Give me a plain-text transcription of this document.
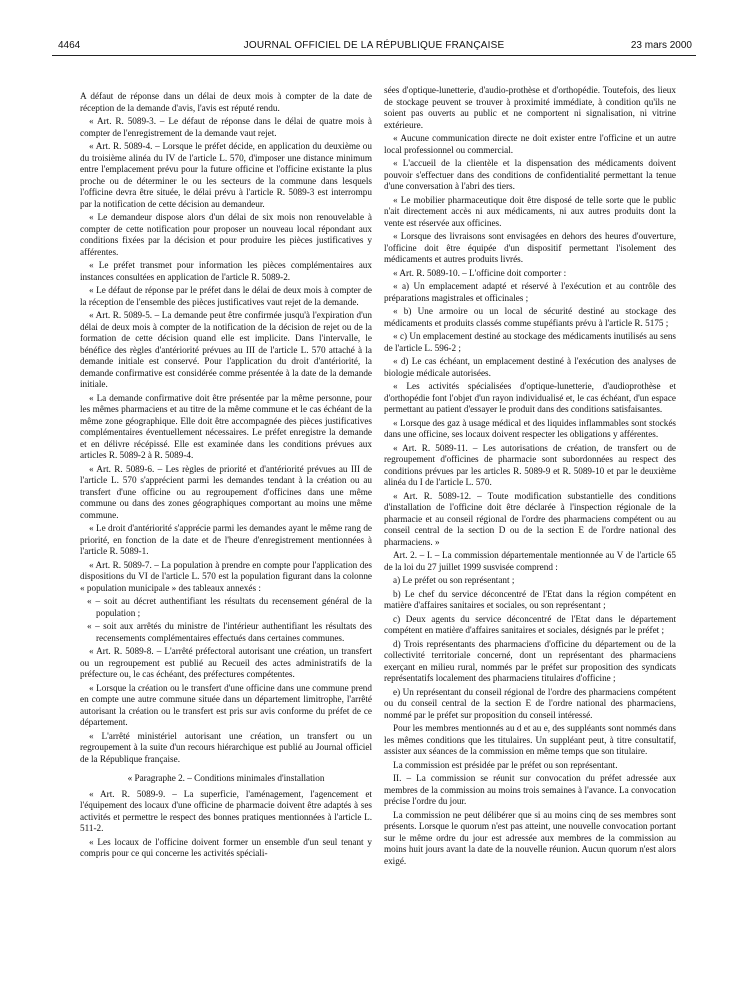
4464	JOURNAL OFFICIEL DE LA RÉPUBLIQUE FRANÇAISE	23 mars 2000

A défaut de réponse dans un délai de deux mois à compter de la date de réception de la demande d'avis, l'avis est réputé rendu.

« Art. R. 5089-3. – Le défaut de réponse dans le délai de quatre mois à compter de l'enregistrement de la demande vaut rejet.

« Art. R. 5089-4. – Lorsque le préfet décide, en application du deuxième ou du troisième alinéa du IV de l'article L. 570, d'imposer une distance minimum entre l'emplacement prévu pour la future officine et l'officine existante la plus proche ou de déterminer le ou les secteurs de la commune dans lesquels l'officine devra être située, le délai prévu à l'article R. 5089-3 est interrompu par la notification de cette décision au demandeur.

« Le demandeur dispose alors d'un délai de six mois non renouvelable à compter de cette notification pour proposer un nouveau local répondant aux conditions fixées par la décision et pour produire les pièces justificatives y afférentes.

« Le préfet transmet pour information les pièces complémentaires aux instances consultées en application de l'article R. 5089-2.

« Le défaut de réponse par le préfet dans le délai de deux mois à compter de la réception de l'ensemble des pièces justificatives vaut rejet de la demande.

« Art. R. 5089-5. – La demande peut être confirmée jusqu'à l'expiration d'un délai de deux mois à compter de la notification de la décision de rejet ou de la formation de cette décision quand elle est implicite. Dans l'intervalle, le bénéfice des règles d'antériorité prévues au III de l'article L. 570 attaché à la demande initiale est conservé. Pour l'application du droit d'antériorité, la demande confirmative est considérée comme présentée à la date de la demande initiale.

« La demande confirmative doit être présentée par la même personne, pour les mêmes pharmaciens et au titre de la même commune et le cas échéant de la même zone géographique. Elle doit être accompagnée des pièces justificatives complémentaires éventuellement nécessaires. Le préfet enregistre la demande et en délivre récépissé. Elle est examinée dans les conditions prévues aux articles R. 5089-2 à R. 5089-4.

« Art. R. 5089-6. – Les règles de priorité et d'antériorité prévues au III de l'article L. 570 s'apprécient parmi les demandes tendant à la création ou au transfert d'une officine ou au regroupement d'officines dans une même commune ou dans des zones géographiques comportant au moins une même commune.

« Le droit d'antériorité s'apprécie parmi les demandes ayant le même rang de priorité, en fonction de la date et de l'heure d'enregistrement mentionnées à l'article R. 5089-1.

« Art. R. 5089-7. – La population à prendre en compte pour l'application des dispositions du VI de l'article L. 570 est la population figurant dans la colonne « population municipale » des tableaux annexés :

« – soit au décret authentifiant les résultats du recensement général de la population ;

« – soit aux arrêtés du ministre de l'intérieur authentifiant les résultats des recensements complémentaires effectués dans certaines communes.

« Art. R. 5089-8. – L'arrêté préfectoral autorisant une création, un transfert ou un regroupement est publié au Recueil des actes administratifs de la préfecture ou, le cas échéant, des préfectures compétentes.

« Lorsque la création ou le transfert d'une officine dans une commune prend en compte une autre commune située dans un département limitrophe, l'arrêté autorisant la création ou le transfert est pris sur avis conforme du préfet de ce département.

« L'arrêté ministériel autorisant une création, un transfert ou un regroupement à la suite d'un recours hiérarchique est publié au Journal officiel de la République française.

« Paragraphe 2. – Conditions minimales d'installation

« Art. R. 5089-9. – La superficie, l'aménagement, l'agencement et l'équipement des locaux d'une officine de pharmacie doivent être adaptés à ses activités et permettre le respect des bonnes pratiques mentionnées à l'article L. 511-2.

« Les locaux de l'officine doivent former un ensemble d'un seul tenant y compris pour ce qui concerne les activités spéciali-

sées d'optique-lunetterie, d'audio-prothèse et d'orthopédie. Toutefois, des lieux de stockage peuvent se trouver à proximité immédiate, à condition qu'ils ne soient pas ouverts au public et ne comportent ni signalisation, ni vitrine extérieure.

« Aucune communication directe ne doit exister entre l'officine et un autre local professionnel ou commercial.

« L'accueil de la clientèle et la dispensation des médicaments doivent pouvoir s'effectuer dans des conditions de confidentialité permettant la tenue d'une conversation à l'abri des tiers.

« Le mobilier pharmaceutique doit être disposé de telle sorte que le public n'ait directement accès ni aux médicaments, ni aux autres produits dont la vente est réservée aux officines.

« Lorsque des livraisons sont envisagées en dehors des heures d'ouverture, l'officine doit être équipée d'un dispositif permettant l'isolement des médicaments et autres produits livrés.

« Art. R. 5089-10. – L'officine doit comporter :

« a) Un emplacement adapté et réservé à l'exécution et au contrôle des préparations magistrales et officinales ;

« b) Une armoire ou un local de sécurité destiné au stockage des médicaments et produits classés comme stupéfiants prévu à l'article R. 5175 ;

« c) Un emplacement destiné au stockage des médicaments inutilisés au sens de l'article L. 596-2 ;

« d) Le cas échéant, un emplacement destiné à l'exécution des analyses de biologie médicale autorisées.

« Les activités spécialisées d'optique-lunetterie, d'audioprothèse et d'orthopédie font l'objet d'un rayon individualisé et, le cas échéant, d'un espace permettant au patient d'essayer le produit dans des conditions satisfaisantes.

« Lorsque des gaz à usage médical et des liquides inflammables sont stockés dans une officine, ses locaux doivent respecter les obligations y afférentes.

« Art. R. 5089-11. – Les autorisations de création, de transfert ou de regroupement d'officines de pharmacie sont subordonnées au respect des conditions prévues par les articles R. 5089-9 et R. 5089-10 et par le deuxième alinéa du I de l'article L. 570.

« Art. R. 5089-12. – Toute modification substantielle des conditions d'installation de l'officine doit être déclarée à l'inspection régionale de la pharmacie et au conseil régional de l'ordre des pharmaciens compétent ou au conseil central de la section D ou de la section E de l'ordre national des pharmaciens. »

Art. 2. – I. – La commission départementale mentionnée au V de l'article 65 de la loi du 27 juillet 1999 susvisée comprend :

a) Le préfet ou son représentant ;

b) Le chef du service déconcentré de l'Etat dans la région compétent en matière d'affaires sanitaires et sociales, ou son représentant ;

c) Deux agents du service déconcentré de l'Etat dans le département compétent en matière d'affaires sanitaires et sociales, désignés par le préfet ;

d) Trois représentants des pharmaciens d'officine du département ou de la collectivité territoriale concerné, dont un représentant des pharmaciens exerçant en milieu rural, nommés par le préfet sur proposition des syndicats représentatifs localement des pharmaciens titulaires d'officine ;

e) Un représentant du conseil régional de l'ordre des pharmaciens compétent ou du conseil central de la section E de l'ordre national des pharmaciens, nommé par le préfet sur proposition du conseil intéressé.

Pour les membres mentionnés au d et au e, des suppléants sont nommés dans les mêmes conditions que les titulaires. Un suppléant peut, à titre consultatif, assister aux séances de la commission en même temps que son titulaire.

La commission est présidée par le préfet ou son représentant.

II. – La commission se réunit sur convocation du préfet adressée aux membres de la commission au moins trois semaines à l'avance. La convocation précise l'ordre du jour.

La commission ne peut délibérer que si au moins cinq de ses membres sont présents. Lorsque le quorum n'est pas atteint, une nouvelle convocation portant sur le même ordre du jour est adressée aux membres de la commission au moins huit jours avant la date de la nouvelle réunion. Aucun quorum n'est alors exigé.
